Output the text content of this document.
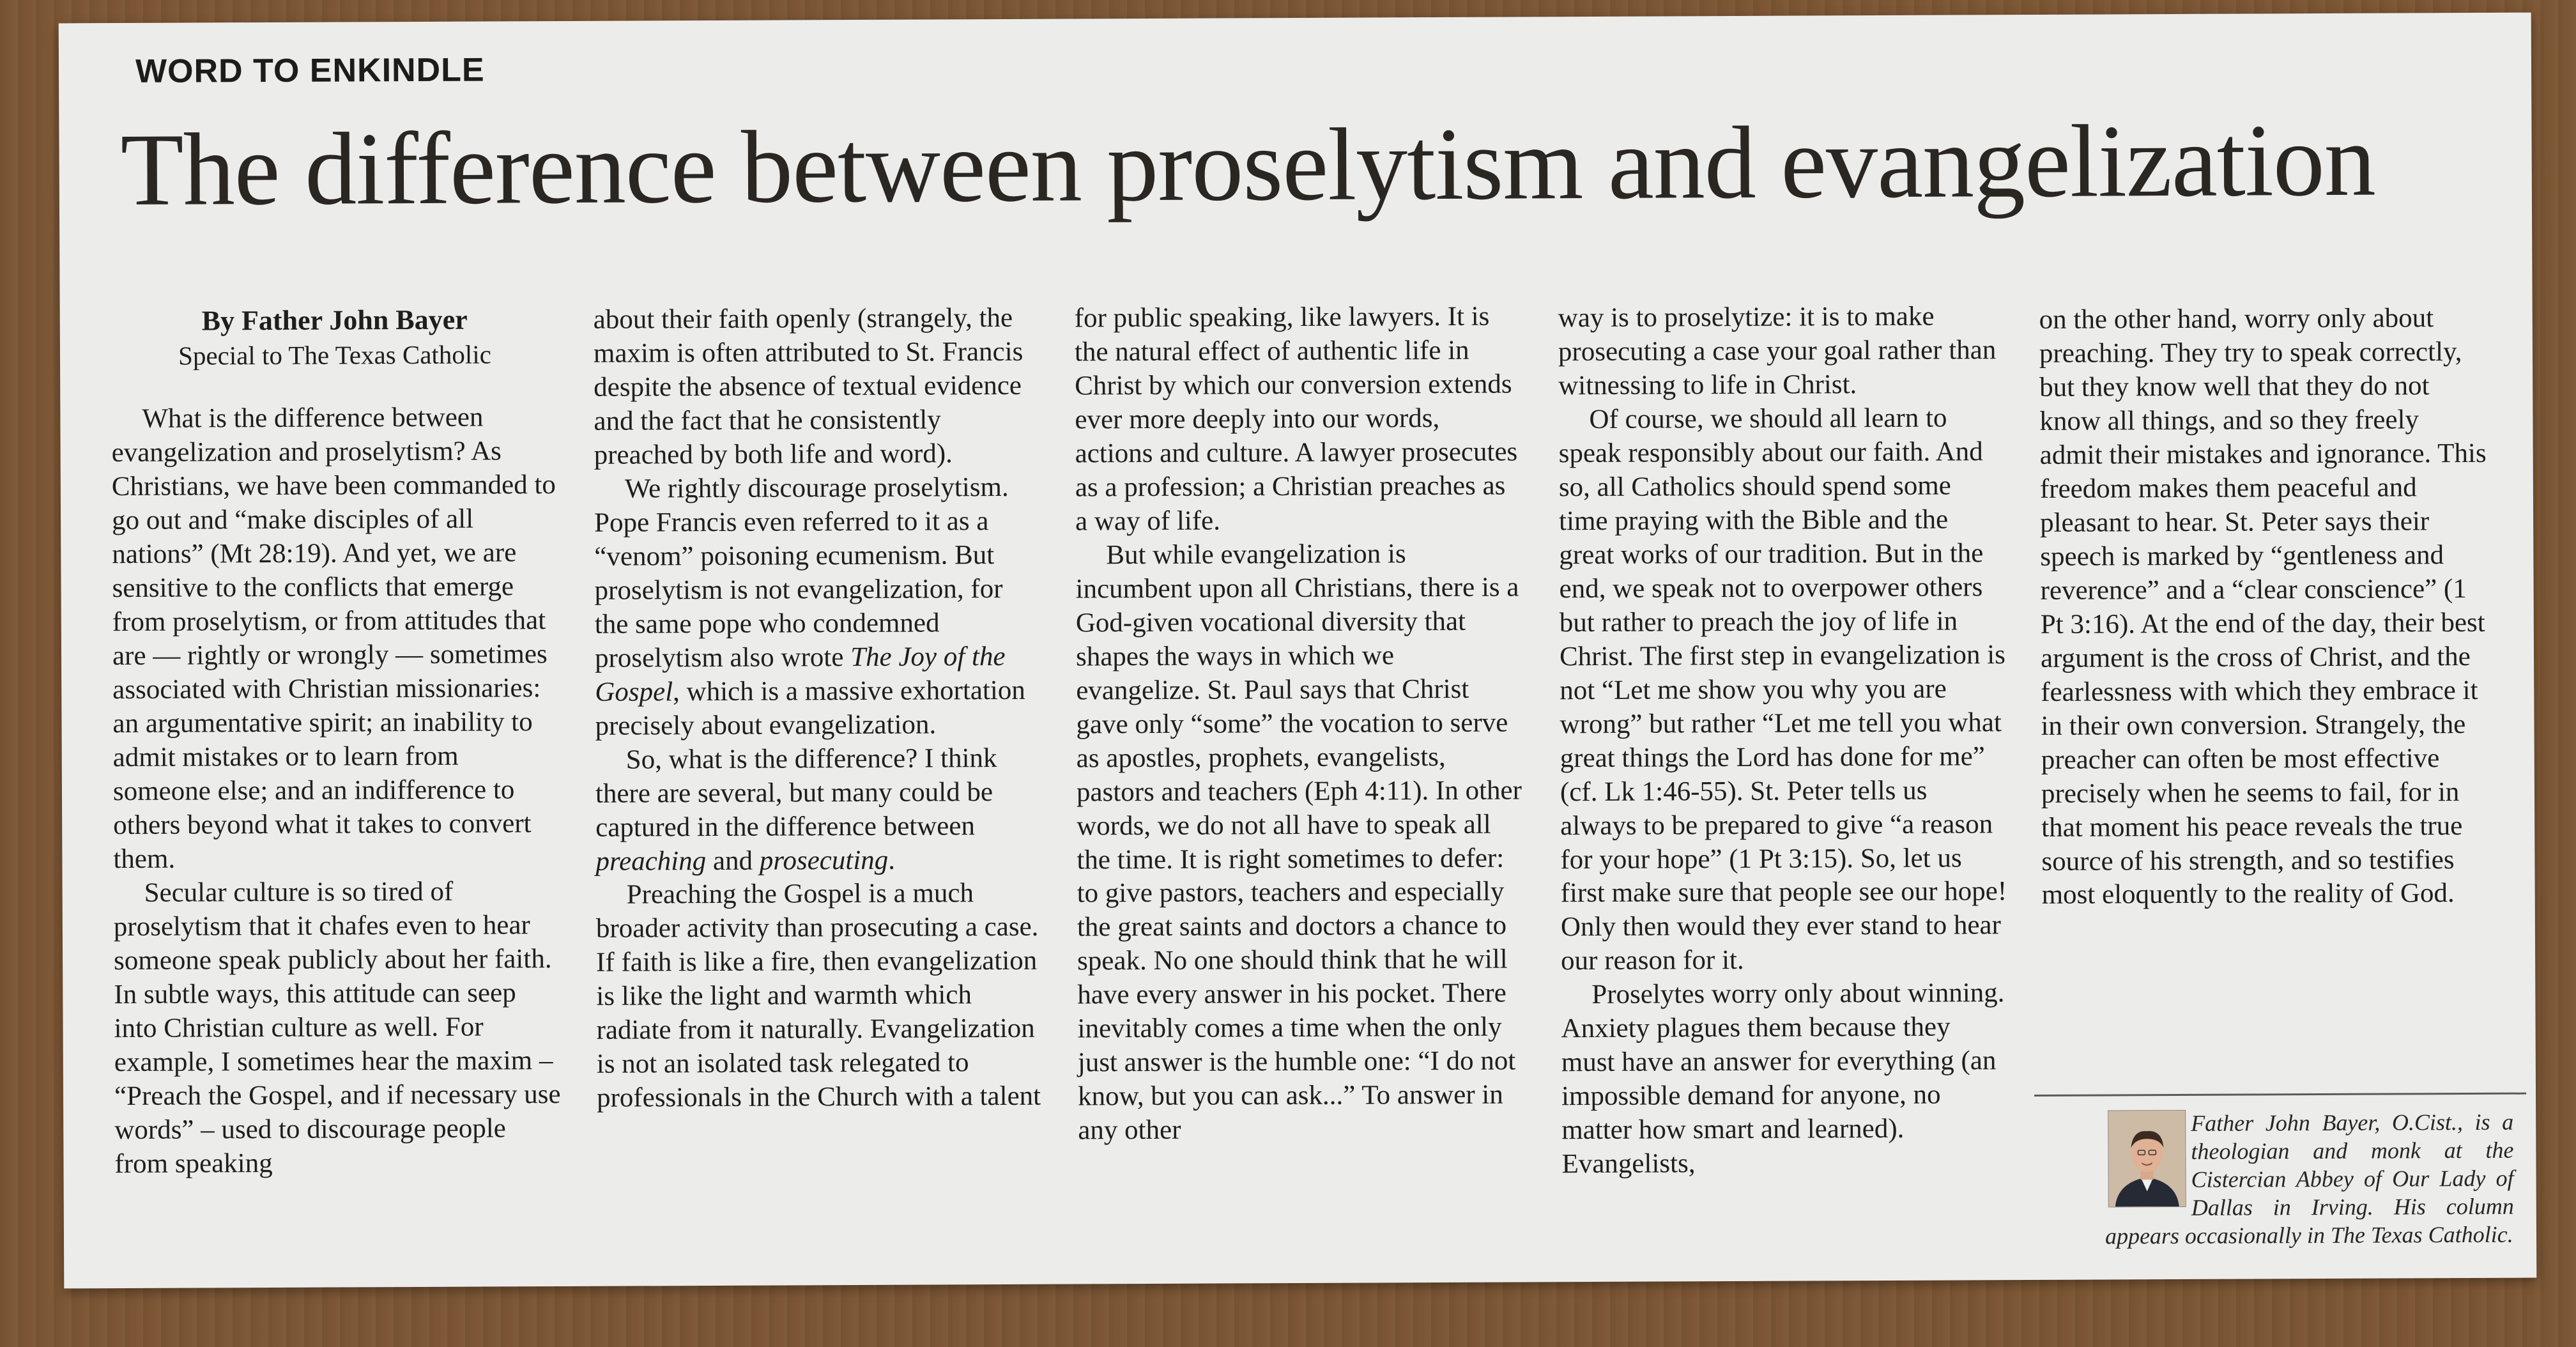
WORD TO ENKINDLE
The difference between proselytism and evangelization
By Father John Bayer
Special to The Texas Catholic

What is the difference between evangelization and proselytism? As Christians, we have been commanded to go out and “make disciples of all nations” (Mt 28:19). And yet, we are sensitive to the conflicts that emerge from proselytism, or from attitudes that are — rightly or wrongly — sometimes associated with Christian missionaries: an argumentative spirit; an inability to admit mistakes or to learn from someone else; and an indifference to others beyond what it takes to convert them.

Secular culture is so tired of proselytism that it chafes even to hear someone speak publicly about her faith. In subtle ways, this attitude can seep into Christian culture as well. For example, I sometimes hear the maxim – “Preach the Gospel, and if necessary use words” – used to discourage people from speaking

about their faith openly (strangely, the maxim is often attributed to St. Francis despite the absence of textual evidence and the fact that he consistently preached by both life and word).

We rightly discourage proselytism. Pope Francis even referred to it as a “venom” poisoning ecumenism. But proselytism is not evangelization, for the same pope who condemned proselytism also wrote The Joy of the Gospel, which is a massive exhortation precisely about evangelization.

So, what is the difference? I think there are several, but many could be captured in the difference between preaching and prosecuting.

Preaching the Gospel is a much broader activity than prosecuting a case. If faith is like a fire, then evangelization is like the light and warmth which radiate from it naturally. Evangelization is not an isolated task relegated to professionals in the Church with a talent

for public speaking, like lawyers. It is the natural effect of authentic life in Christ by which our conversion extends ever more deeply into our words, actions and culture. A lawyer prosecutes as a profession; a Christian preaches as a way of life.

But while evangelization is incumbent upon all Christians, there is a God-given vocational diversity that shapes the ways in which we evangelize. St. Paul says that Christ gave only “some” the vocation to serve as apostles, prophets, evangelists, pastors and teachers (Eph 4:11). In other words, we do not all have to speak all the time. It is right sometimes to defer: to give pastors, teachers and especially the great saints and doctors a chance to speak. No one should think that he will have every answer in his pocket. There inevitably comes a time when the only just answer is the humble one: “I do not know, but you can ask...” To answer in any other

way is to proselytize: it is to make prosecuting a case your goal rather than witnessing to life in Christ.

Of course, we should all learn to speak responsibly about our faith. And so, all Catholics should spend some time praying with the Bible and the great works of our tradition. But in the end, we speak not to overpower others but rather to preach the joy of life in Christ. The first step in evangelization is not “Let me show you why you are wrong” but rather “Let me tell you what great things the Lord has done for me” (cf. Lk 1:46-55). St. Peter tells us always to be prepared to give “a reason for your hope” (1 Pt 3:15). So, let us first make sure that people see our hope! Only then would they ever stand to hear our reason for it.

Proselytes worry only about winning. Anxiety plagues them because they must have an answer for everything (an impossible demand for anyone, no matter how smart and learned). Evangelists,

on the other hand, worry only about preaching. They try to speak correctly, but they know well that they do not know all things, and so they freely admit their mistakes and ignorance. This freedom makes them peaceful and pleasant to hear. St. Peter says their speech is marked by “gentleness and reverence” and a “clear conscience” (1 Pt 3:16). At the end of the day, their best argument is the cross of Christ, and the fearlessness with which they embrace it in their own conversion. Strangely, the preacher can often be most effective precisely when he seems to fail, for in that moment his peace reveals the true source of his strength, and so testifies most eloquently to the reality of God.

Father John Bayer, O.Cist., is a theologian and monk at the Cistercian Abbey of Our Lady of Dallas in Irving. His column appears occasionally in The Texas Catholic.
